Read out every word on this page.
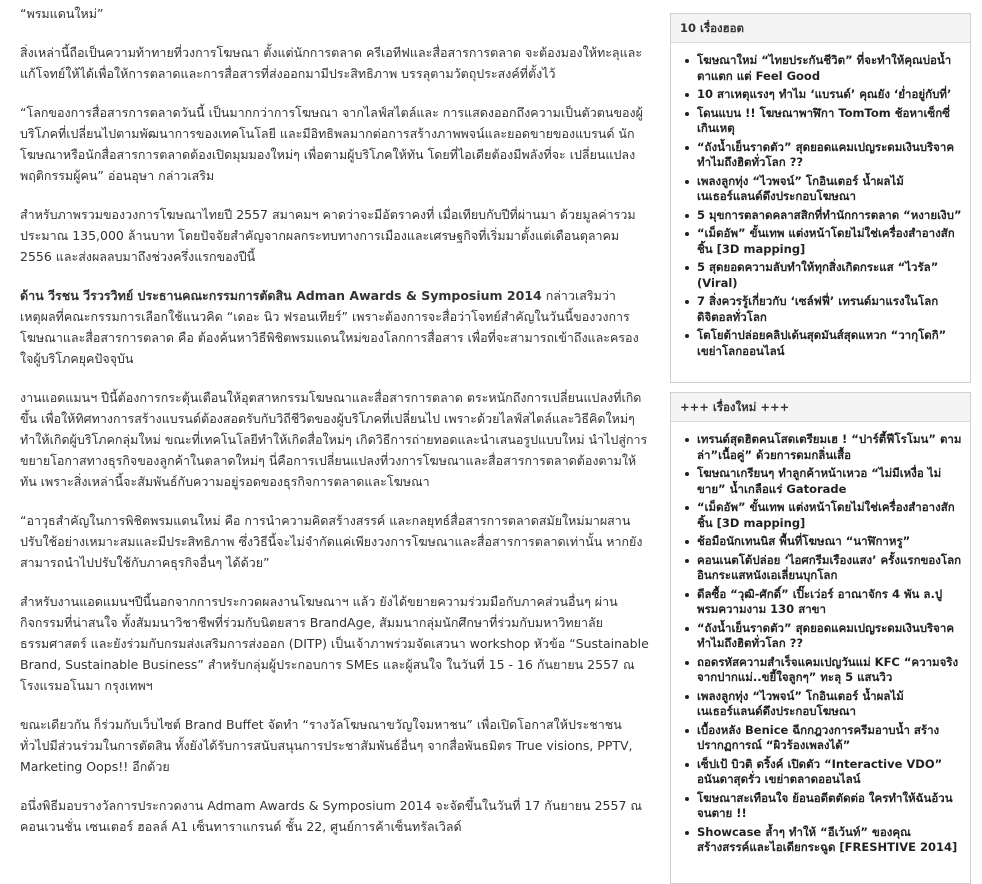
“พรมแดนใหม่”

สิ่งเหล่านี้ถือเป็นความท้าทายที่วงการโฆษณา ตั้งแต่นักการตลาด ครีเอทีฟและสื่อสารการตลาด จะต้องมองให้ทะลุและแก้โจทย์ให้ได้เพื่อให้การตลาดและการสื่อสารที่ส่งออกมามีประสิทธิภาพ บรรลุตามวัตถุประสงค์ที่ตั้งไว้

“โลกของการสื่อสารการตลาดวันนี้ เป็นมากกว่าการโฆษณา จากไลฟ์สไตล์และ การแสดงออกถึงความเป็นตัวตนของผู้บริโภคที่เปลี่ยนไปตามพัฒนาการของเทคโนโลยี และมีอิทธิพลมากต่อการสร้างภาพพจน์และยอดขายของแบรนด์ นักโฆษณาหรือนักสื่อสารการตลาดต้องเปิดมุมมองใหม่ๆ เพื่อตามผู้บริโภคให้ทัน โดยที่ไอเดียต้องมีพลังที่จะ เปลี่ยนแปลงพฤติกรรมผู้คน” อ่อนอุษา กล่าวเสริม

สำหรับภาพรวมของวงการโฆษณาไทยปี 2557 สมาคมฯ คาดว่าจะมีอัตราคงที่ เมื่อเทียบกับปีที่ผ่านมา ด้วยมูลค่ารวมประมาณ 135,000 ล้านบาท โดยปัจจัยสำคัญจากผลกระทบทางการเมืองและเศรษฐกิจที่เริ่มมาตั้งแต่เดือนตุลาคม 2556 และส่งผลลบมาถึงช่วงครึ่งแรกของปีนี้

ด้าน วีรชน วีรวรวิทย์ ประธานคณะกรรมการตัดสิน Adman Awards & Symposium 2014 กล่าวเสริมว่า เหตุผลที่คณะกรรมการเลือกใช้แนวคิด “เดอะ นิว ฟรอนเทียร์” เพราะต้องการจะสื่อว่าโจทย์สำคัญในวันนี้ของวงการโฆษณาและสื่อสารการตลาด คือ ต้องค้นหาวิธีพิชิตพรมแดนใหม่ของโลกการสื่อสาร เพื่อที่จะสามารถเข้าถึงและครองใจผู้บริโภคยุคปัจจุบัน

งานแอดแมนฯ ปีนี้ต้องการกระตุ้นเตือนให้อุตสาหกรรมโฆษณาและสื่อสารการตลาด ตระหนักถึงการเปลี่ยนแปลงที่เกิดขึ้น เพื่อให้ทิศทางการสร้างแบรนด์ต้องสอดรับกับวิถีชีวิตของผู้บริโภคที่เปลี่ยนไป เพราะด้วยไลฟ์สไตล์และวิธีคิดใหม่ๆ ทำให้เกิดผู้บริโภคกลุ่มใหม่ ขณะที่เทคโนโลยีทำให้เกิดสื่อใหม่ๆ เกิดวิธีการถ่ายทอดและนำเสนอรูปแบบใหม่ นำไปสู่การขยายโอกาสทางธุรกิจของลูกค้าในตลาดใหม่ๆ นี่คือการเปลี่ยนแปลงที่วงการโฆษณาและสื่อสารการตลาดต้องตามให้ทัน เพราะสิ่งเหล่านี้จะสัมพันธ์กับความอยู่รอดของธุรกิจการตลาดและโฆษณา

“อาวุธสำคัญในการพิชิตพรมแดนใหม่ คือ การนำความคิดสร้างสรรค์ และกลยุทธ์สื่อสารการตลาดสมัยใหม่มาผสานปรับใช้อย่างเหมาะสมและมีประสิทธิภาพ ซึ่งวิธีนี้จะไม่จำกัดแค่เพียงวงการโฆษณาและสื่อสารการตลาดเท่านั้น หากยังสามารถนำไปปรับใช้กับภาคธุรกิจอื่นๆ ได้ด้วย”

สำหรับงานแอดแมนฯปีนี้นอกจากการประกวดผลงานโฆษณาฯ แล้ว ยังได้ขยายความร่วมมือกับภาคส่วนอื่นๆ ผ่านกิจกรรมที่น่าสนใจ ทั้งสัมมนาวิชาชีพที่ร่วมกับนิตยสาร BrandAge, สัมมนากลุ่มนักศึกษาที่ร่วมกับมหาวิทยาลัยธรรมศาสตร์ และยังร่วมกับกรมส่งเสริมการส่งออก (DITP) เป็นเจ้าภาพร่วมจัดเสวนา workshop หัวข้อ “Sustainable Brand, Sustainable Business” สำหรับกลุ่มผู้ประกอบการ SMEs และผู้สนใจ ในวันที่ 15 - 16 กันยายน 2557 ณ โรงแรมอโนมา กรุงเทพฯ

ขณะเดียวกัน ก็ร่วมกับเว็บไซต์ Brand Buffet จัดทำ “รางวัลโฆษณาขวัญใจมหาชน” เพื่อเปิดโอกาสให้ประชาชนทั่วไปมีส่วนร่วมในการตัดสิน ทั้งยังได้รับการสนับสนุนการประชาสัมพันธ์อื่นๆ จากสื่อพันธมิตร True visions, PPTV, Marketing Oops!! อีกด้วย

อนึ่งพิธีมอบรางวัลการประกวดงาน Admam Awards & Symposium 2014 จะจัดขึ้นในวันที่ 17 กันยายน 2557 ณ คอนเวนชั่น เซนเตอร์ ฮอลล์ A1 เซ็นทาราแกรนด์ ชั้น 22, ศูนย์การค้าเซ็นทรัลเวิลด์

10 เรื่องฮอต
โฆษณาใหม่ “ไทยประกันชีวิต” ที่จะทำให้คุณบ่อน้ำตาแตก แต่ Feel Good
10 สาเหตุแรงๆ ทำไม ‘แบรนด์’ คุณยัง ‘ย่ำอยู่กับที่’
โดนแบน !! โฆษณาพาฬิกา TomTom ช้อหาเซ็กซี่เกินเหตุ
“ถังน้ำเย็นราดตัว” สุดยอดแคมเปญระดมเงินบริจาค ทำไมถึงฮิตทั่วโลก ??
เพลงลูกทุ่ง “ไวพจน์” โกอินเตอร์ น้ำผลไม้ เนเธอร์แลนด์ดึงประกอบโฆษณา
5 มุขการตลาดคลาสสิกที่ทำนักการตลาด “หงายเงิบ”
“เม็ดอัพ” ขั้นเทพ แต่งหน้าโดยไม่ใช่เครื่องสำอางสักชิ้น [3D mapping]
5 สุดยอดความลับทำให้ทุกสิ่งเกิดกระแส “ไวรัล” (Viral)
7 สิ่งควรรู้เกี่ยวกับ ‘เซล์ฟฟี่’ เทรนด์มาแรงในโลกดิจิตอลทั่วโลก
โตโยต้าปล่อยคลิปเด้นสุดมันส์สุดแหวก “วากุโดกิ” เขย่าโลกออนไลน์
+++ เรื่องใหม่ +++
เทรนด์สุดฮิตคนโสดเตรียมเฮ ! “ปาร์ตี้ฟีโรโมน” ตามล่า”เนื้อคู่” ด้วยการดมกลิ่นเสื้อ
โฆษณาเกรียนๆ ทำลูกค้าหน้าเหวอ “ไม่มีเหงื่อ ไม่ขาย” น้ำเกลือแร่ Gatorade
“เม็ดอัพ” ขั้นเทพ แต่งหน้าโดยไม่ใช่เครื่องสำอางสักชิ้น [3D mapping]
ช้อมือนักเทนนิส พื้นที่โฆษณา “นาฬิกาหรู”
คอนเนตโต้ปล่อย ‘ไอศกรีมเรืองแสง’ ครั้งแรกของโลก อินกระแสหนังเอเลี่ยนบุกโลก
ดีลซื้อ “วุฒิ-ศักดิ์” เปิ๊ะเว่อร์ อาณาจักร 4 พัน ล.ปู พรมความงาม 130 สาขา
“ถังน้ำเย็นราดตัว” สุดยอดแคมเปญระดมเงินบริจาค ทำไมถึงฮิตทั่วโลก ??
ถอดรหัสความสำเร็จแคมเปญวันแม่ KFC “ความจริงจากปากแม่..ขยี้ใจลูกๆ” ทะลุ 5 แสนวิว
เพลงลูกทุ่ง “ไวพจน์” โกอินเตอร์ น้ำผลไม้ เนเธอร์แลนด์ดึงประกอบโฆษณา
เบื้องหลัง Benice ฉีกกฎวงการครีมอาบน้ำ สร้างปรากฏการณ์ “ผิวร้องเพลงได้”
เซ็ปเป้ บิวติ ดริ้งค์ เปิดตัว “Interactive VDO” อนันดาสุดรั่ว เขย่าตลาดออนไลน์
โฆษณาสะเทือนใจ ย้อนอดีตตัดต่อ ใครทำให้ฉันอ้วนจนตาย !!
Showcase ล้ำๆ ทำให้ “อีเว้นท์” ของคุณสร้างสรรค์และไอเดียกระฉูด [FRESHTIVE 2014]
